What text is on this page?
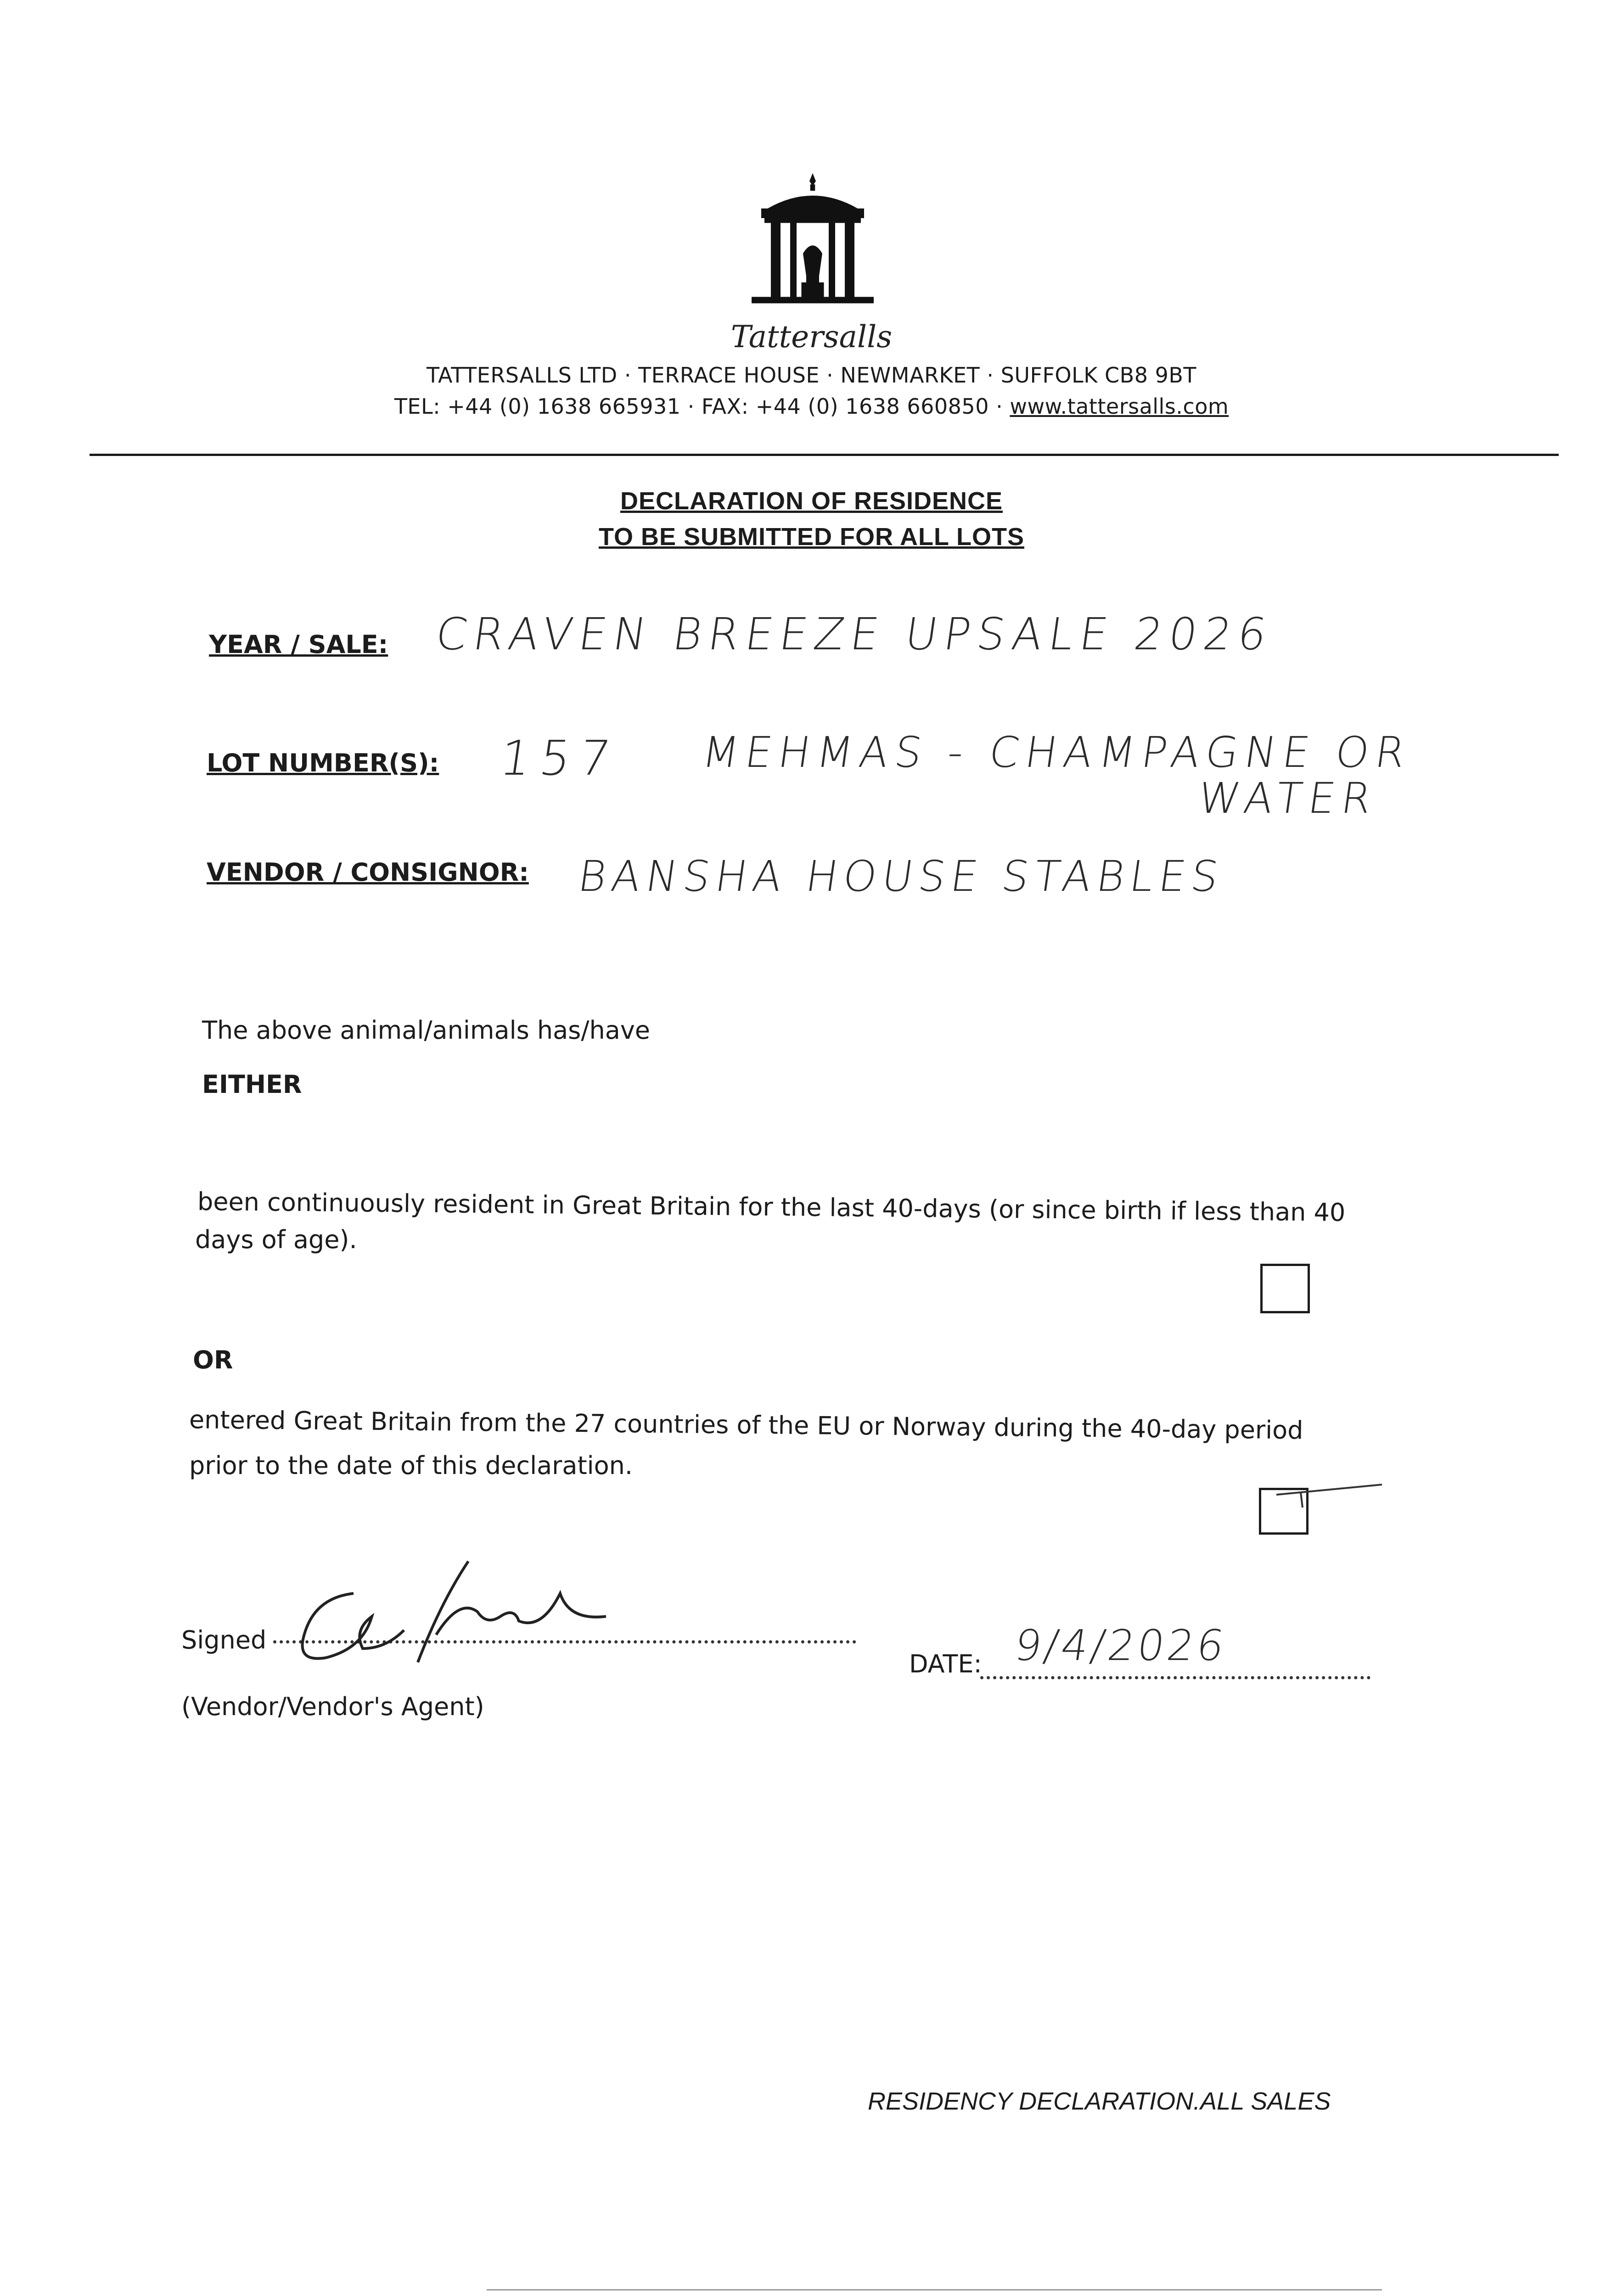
Tattersalls
TATTERSALLS LTD · TERRACE HOUSE · NEWMARKET · SUFFOLK CB8 9BT
TEL: +44 (0) 1638 665931 · FAX: +44 (0) 1638 660850 · www.tattersalls.com
DECLARATION OF RESIDENCE
TO BE SUBMITTED FOR ALL LOTS
YEAR / SALE: CRAVEN BREEZE UPSALE 2026
LOT NUMBER(S): 157 MEHMAS - CHAMPAGNE OR
WATER
VENDOR / CONSIGNOR: BANSHA HOUSE STABLES
The above animal/animals has/have
EITHER
been continuously resident in Great Britain for the last 40-days (or since birth if less than 40
days of age).
OR
entered Great Britain from the 27 countries of the EU or Norway during the 40-day period
prior to the date of this declaration.
Signed
(Vendor/Vendor's Agent)
DATE: 9/4/2026
RESIDENCY DECLARATION.ALL SALES
